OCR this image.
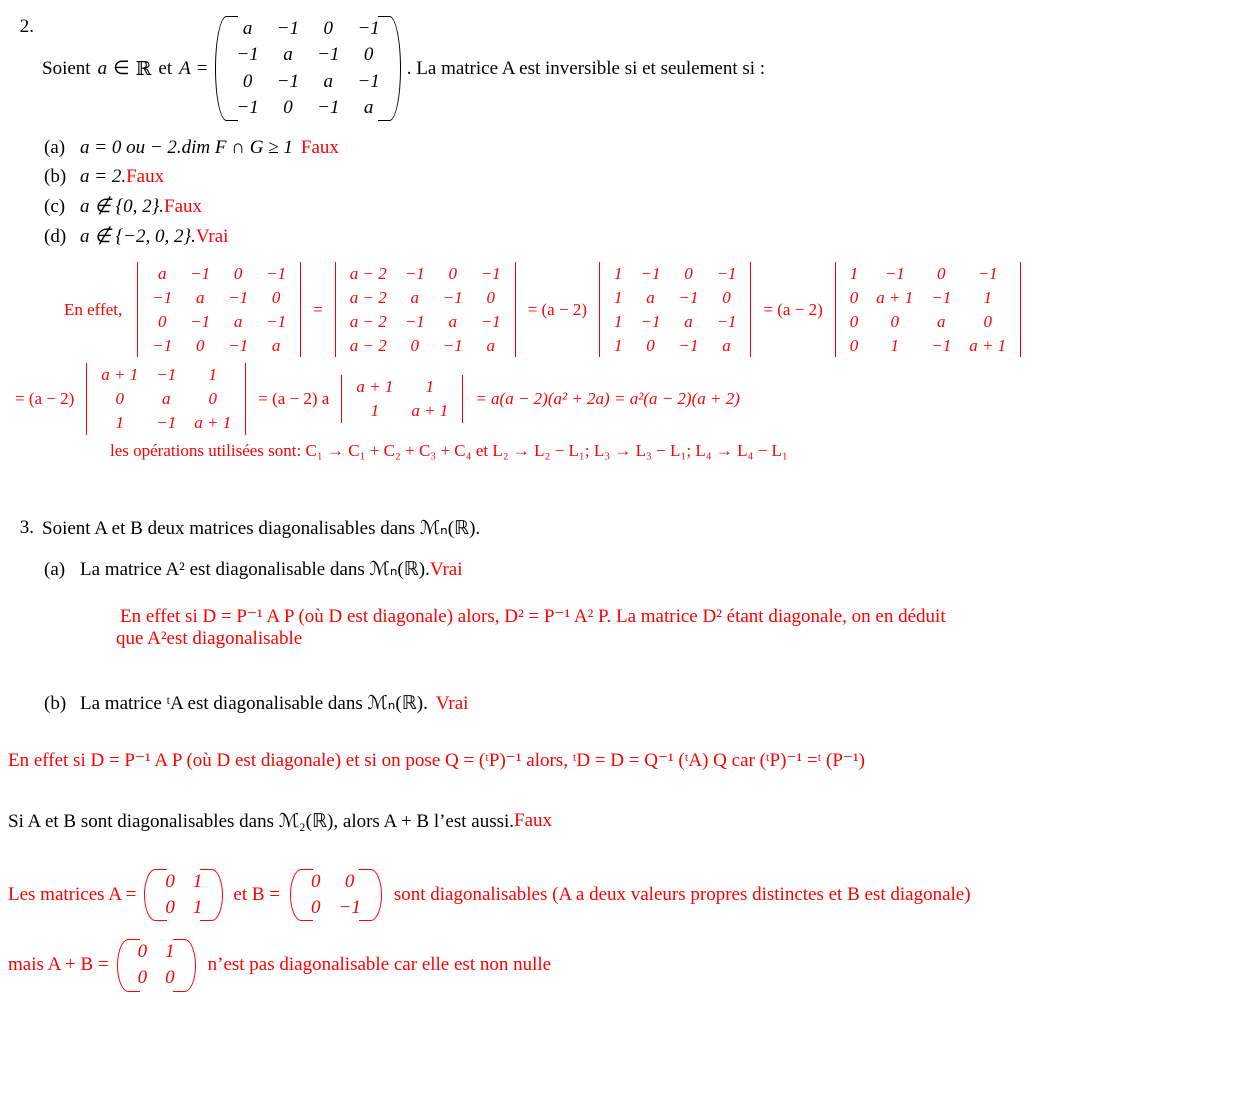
2.
Soient a ∈ ℝ et A =
a	−1	0	−1
−1	a	−1	0
0	−1	a	−1
−1	0	−1	a
. La matrice A est inversible si et seulement si :
(a) a = 0 ou − 2.dim F ∩ G ≥ 1 Faux
(b) a = 2. Faux
(c) a ∉ {0, 2}. Faux
(d) a ∉ {−2, 0, 2}. Vrai
En effet,
a	−1	0	−1
−1	a	−1	0
0	−1	a	−1
−1	0	−1	a
=
a − 2	−1	0	−1
a − 2	a	−1	0
a − 2	−1	a	−1
a − 2	0	−1	a
= (a − 2)
1	−1	0	−1
1	a	−1	0
1	−1	a	−1
1	0	−1	a
= (a − 2)
1	−1	0	−1
0	a + 1	−1	1
0	0	a	0
0	1	−1	a + 1
= (a − 2)
a + 1	−1	1
0	a	0
1	−1	a + 1
= (a − 2) a
a + 1	1
1	a + 1
= a(a − 2)(a² + 2a) = a²(a − 2)(a + 2)
les opérations utilisées sont: C₁ → C₁ + C₂ + C₃ + C₄ et L₂ → L₂ − L₁; L₃ → L₃ − L₁; L₄ → L₄ − L₁
3. Soient A et B deux matrices diagonalisables dans ℳₙ(ℝ).
(a) La matrice A² est diagonalisable dans ℳₙ(ℝ). Vrai
En effet si D = P⁻¹ A P (où D est diagonale) alors, D² = P⁻¹ A² P. La matrice D² étant diagonale, on en déduit
que A²est diagonalisable
(b) La matrice ᵗA est diagonalisable dans ℳₙ(ℝ). Vrai
En effet si D = P⁻¹ A P (où D est diagonale) et si on pose Q = (ᵗP)⁻¹ alors, ᵗD = D = Q⁻¹ (ᵗA) Q car (ᵗP)⁻¹ =ᵗ (P⁻¹)
Si A et B sont diagonalisables dans ℳ₂(ℝ), alors A + B l’est aussi. Faux
Les matrices A =
0 1
0 1
et B =
0	0
0 −1
sont diagonalisables (A a deux valeurs propres distinctes et B est diagonale)
mais A + B =
0 1
0 0
n’est pas diagonalisable car elle est non nulle
